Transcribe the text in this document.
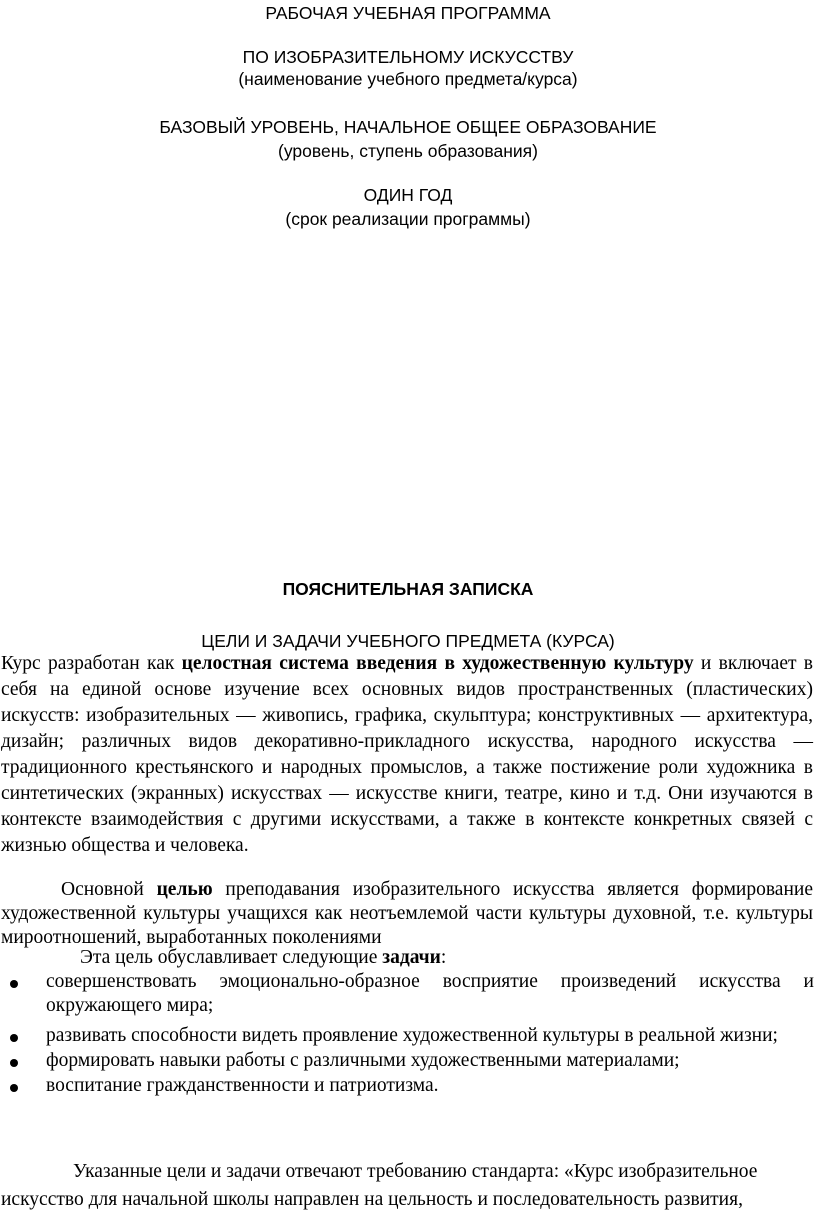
РАБОЧАЯ УЧЕБНАЯ ПРОГРАММА
ПО ИЗОБРАЗИТЕЛЬНОМУ ИСКУССТВУ
(наименование учебного предмета/курса)
БАЗОВЫЙ УРОВЕНЬ, НАЧАЛЬНОЕ ОБЩЕЕ ОБРАЗОВАНИЕ
(уровень, ступень образования)
ОДИН ГОД
(срок реализации программы)
ПОЯСНИТЕЛЬНАЯ ЗАПИСКА
ЦЕЛИ И ЗАДАЧИ УЧЕБНОГО ПРЕДМЕТА (КУРСА)
Курс разработан как целостная система введения в художественную культуру и включает в себя на единой основе изучение всех основных видов пространственных (пластических) искусств: изобразительных — живопись, графика, скульптура; конструктивных — архитектура, дизайн; различных видов декоративно-прикладного искусства, народного искусства — традиционного крестьянского и народных промыслов, а также постижение роли художника в синтетических (экранных) искусствах — искусстве книги, театре, кино и т.д. Они изучаются в контексте взаимодействия с другими искусствами, а также в контексте конкретных связей с жизнью общества и человека.
Основной целью преподавания изобразительного искусства является формирование художественной культуры учащихся как неотъемлемой части культуры духовной, т.е. культуры мироотношений, выработанных поколениями
Эта цель обуславливает следующие задачи:
совершенствовать эмоционально-образное восприятие произведений искусства и окружающего мира;
развивать способности видеть проявление художественной культуры в реальной жизни;
формировать навыки работы с различными художественными материалами;
воспитание гражданственности и патриотизма.
Указанные цели и задачи отвечают требованию стандарта: «Курс изобразительное
искусство для начальной школы направлен на цельность и последовательность развития,
